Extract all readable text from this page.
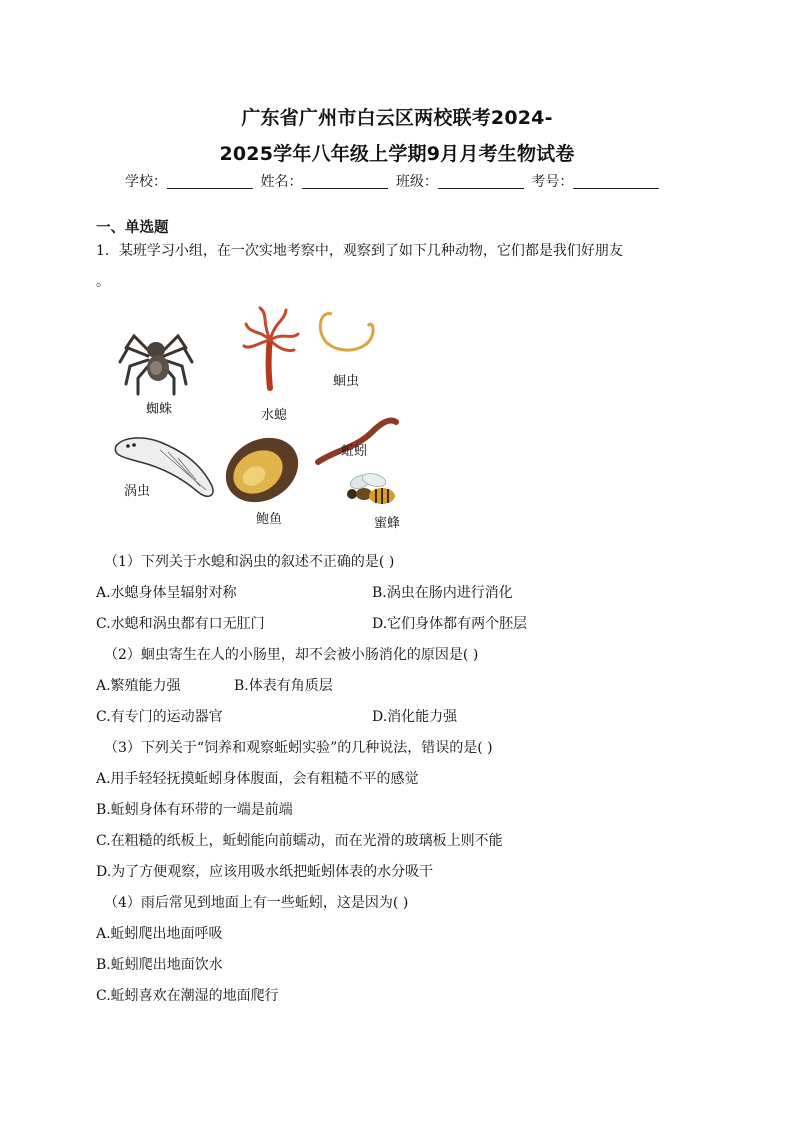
广东省广州市白云区两校联考2024-
2025学年八年级上学期9月月考生物试卷
学校：	姓名：	班级：	考号：
一、单选题
1．某班学习小组，在一次实地考察中，观察到了如下几种动物，它们都是我们好朋友
。
蜘蛛	水螅
蛔虫
涡虫
蚯蚓
鲍鱼	蜜蜂
（1）下列关于水螅和涡虫的叙述不正确的是( )
A.水螅身体呈辐射对称	B.涡虫在肠内进行消化
C.水螅和涡虫都有口无肛门	D.它们身体都有两个胚层
（2）蛔虫寄生在人的小肠里，却不会被小肠消化的原因是( )
A.繁殖能力强	B.体表有角质层
C.有专门的运动器官	D.消化能力强
（3）下列关于“饲养和观察蚯蚓实验”的几种说法，错误的是( )
A.用手轻轻抚摸蚯蚓身体腹面，会有粗糙不平的感觉
B.蚯蚓身体有环带的一端是前端
C.在粗糙的纸板上，蚯蚓能向前蠕动，而在光滑的玻璃板上则不能
D.为了方便观察，应该用吸水纸把蚯蚓体表的水分吸干
（4）雨后常见到地面上有一些蚯蚓，这是因为( )
A.蚯蚓爬出地面呼吸
B.蚯蚓爬出地面饮水
C.蚯蚓喜欢在潮湿的地面爬行
